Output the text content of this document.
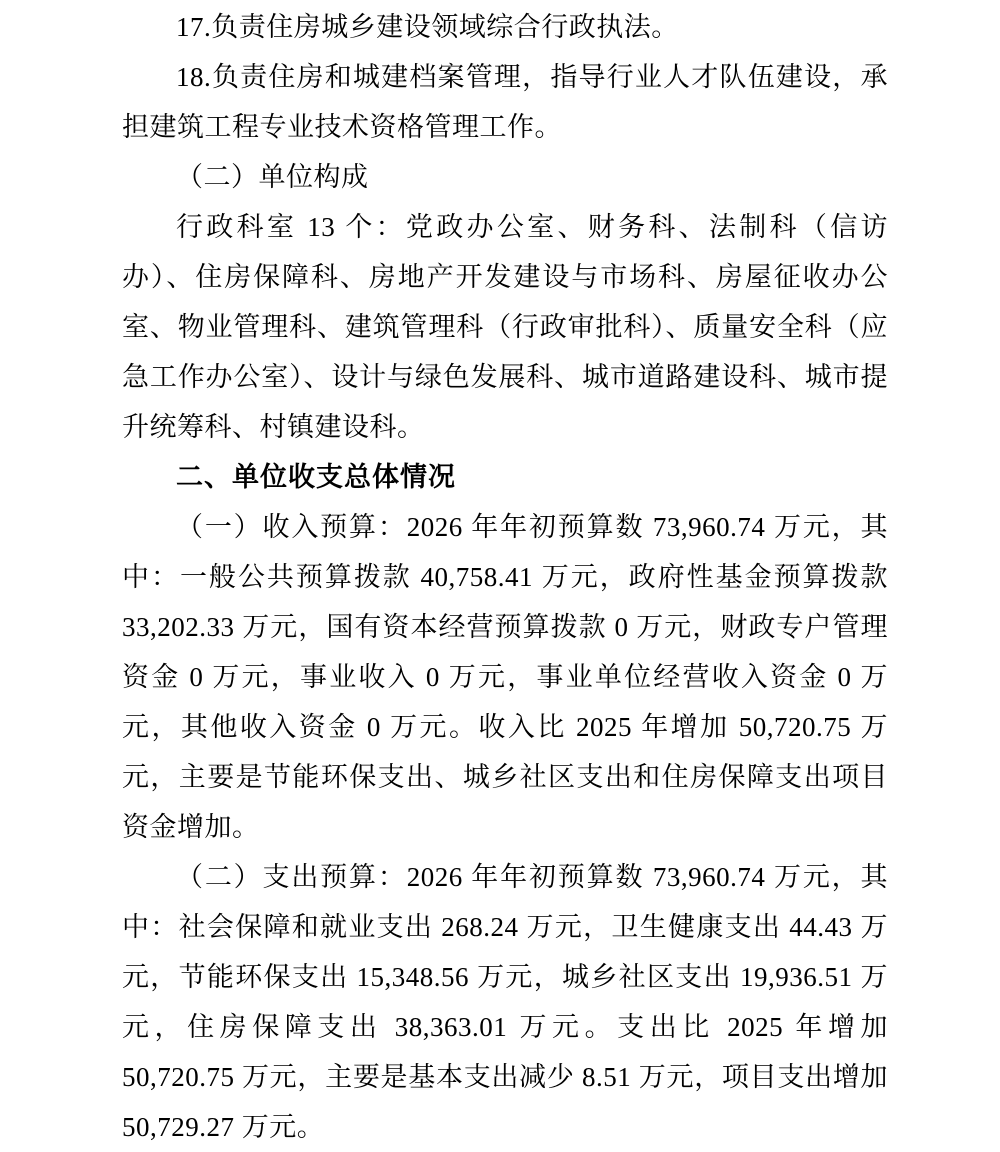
17.负责住房城乡建设领域综合行政执法。

18.负责住房和城建档案管理，指导行业人才队伍建设，承担建筑工程专业技术资格管理工作。

（二）单位构成

行政科室 13 个：党政办公室、财务科、法制科（信访办）、住房保障科、房地产开发建设与市场科、房屋征收办公室、物业管理科、建筑管理科（行政审批科）、质量安全科（应急工作办公室）、设计与绿色发展科、城市道路建设科、城市提升统筹科、村镇建设科。

二、单位收支总体情况

（一）收入预算：2026 年年初预算数 73,960.74 万元，其中：一般公共预算拨款 40,758.41 万元，政府性基金预算拨款 33,202.33 万元，国有资本经营预算拨款 0 万元，财政专户管理资金 0 万元，事业收入 0 万元，事业单位经营收入资金 0 万元，其他收入资金 0 万元。收入比 2025 年增加 50,720.75 万元，主要是节能环保支出、城乡社区支出和住房保障支出项目资金增加。

（二）支出预算：2026 年年初预算数 73,960.74 万元，其中：社会保障和就业支出 268.24 万元，卫生健康支出 44.43 万元，节能环保支出 15,348.56 万元，城乡社区支出 19,936.51 万元，住房保障支出 38,363.01 万元。支出比 2025 年增加 50,720.75 万元，主要是基本支出减少 8.51 万元，项目支出增加 50,729.27 万元。
